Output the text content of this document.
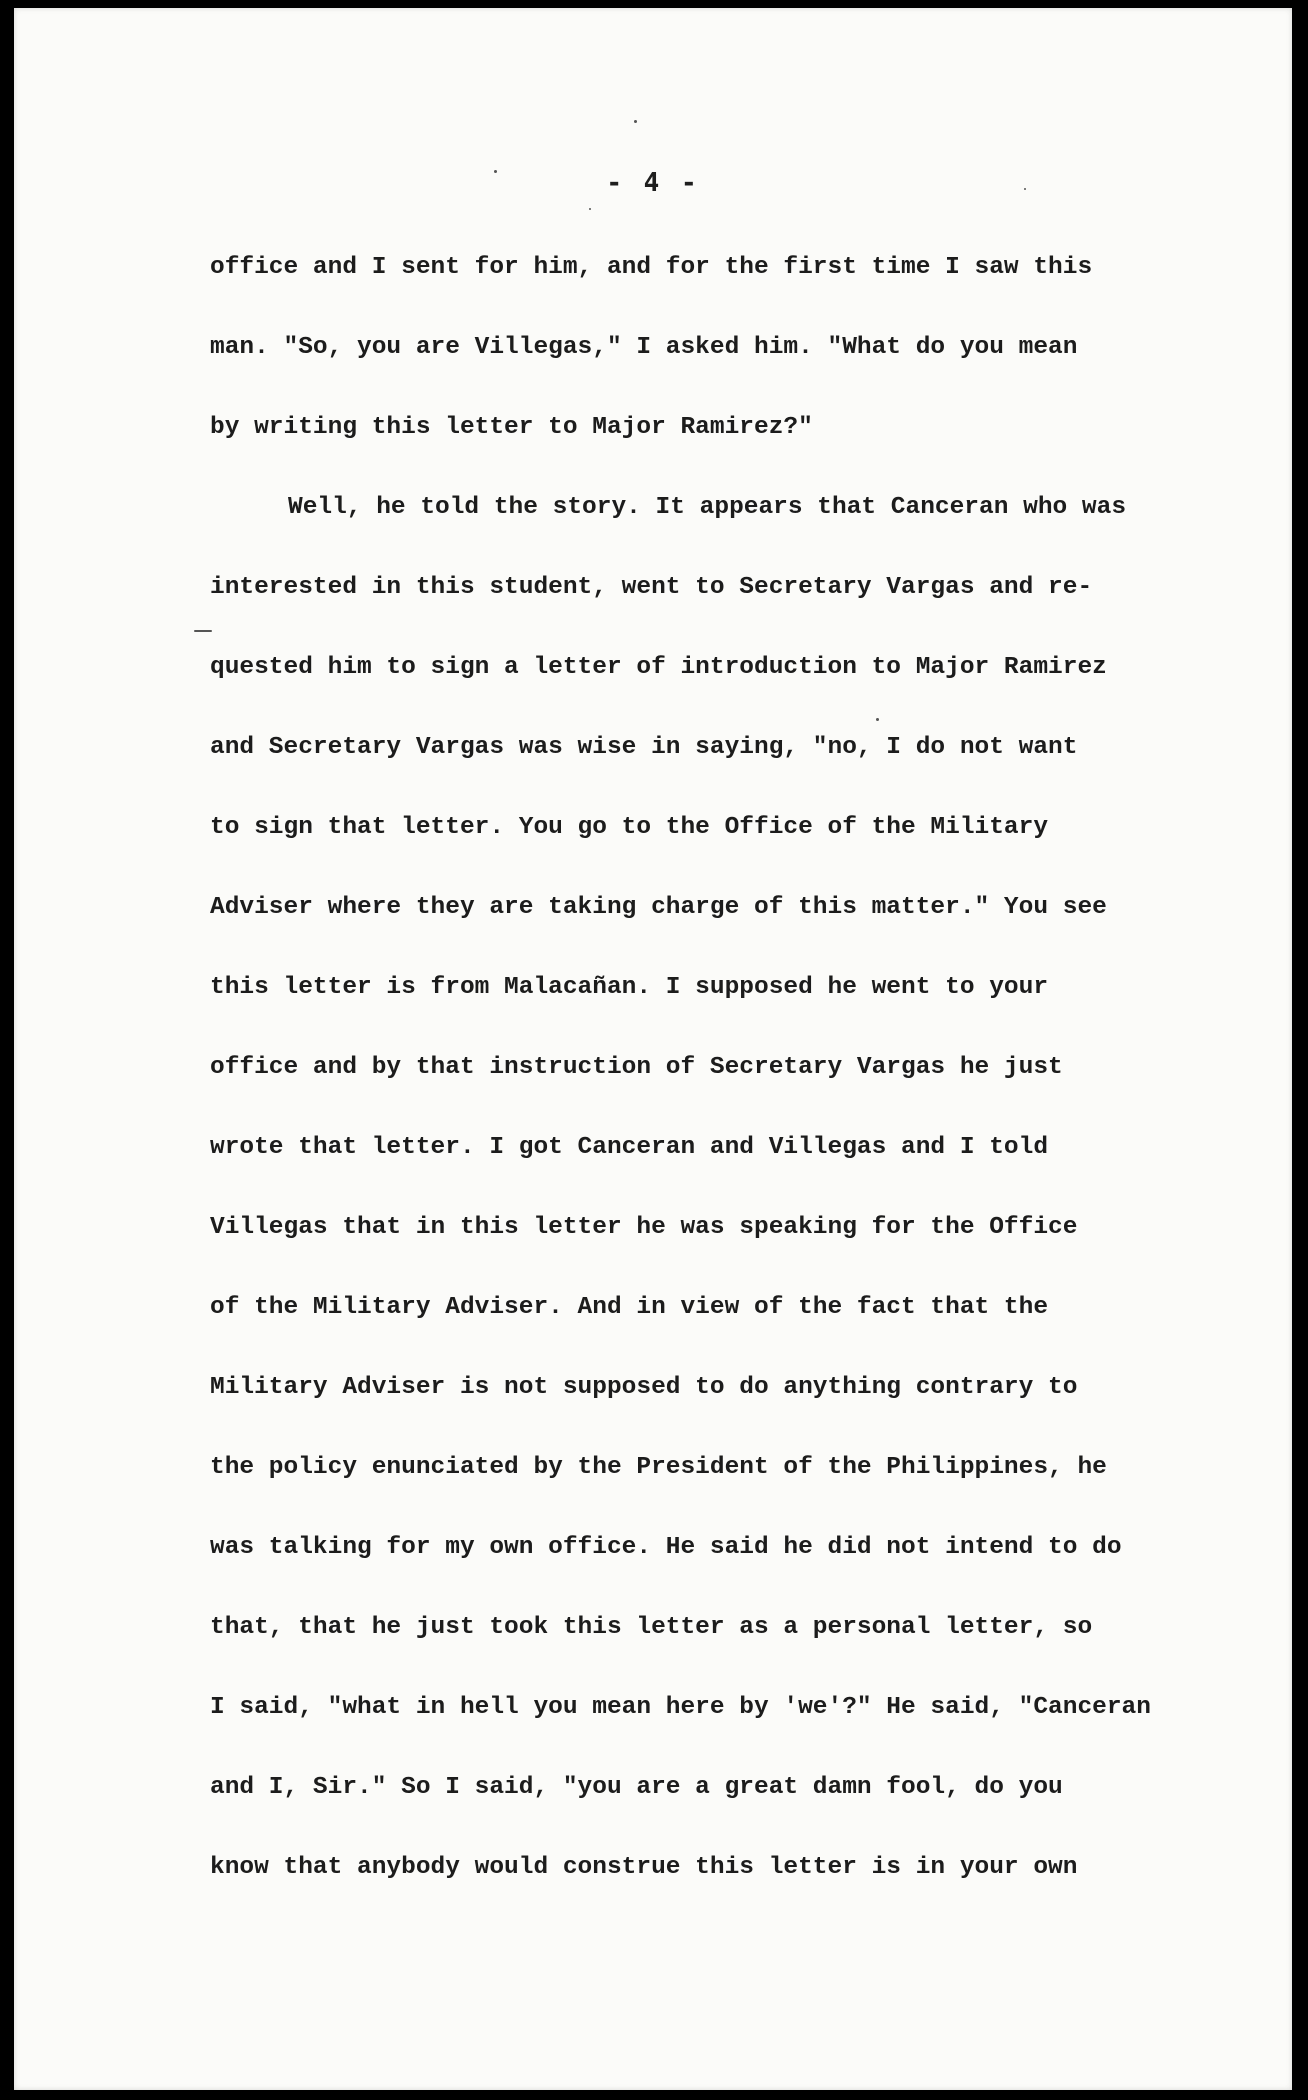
- 4 -
office and I sent for him, and for the first time I saw this
man. "So, you are Villegas," I asked him. "What do you mean
by writing this letter to Major Ramirez?"
Well, he told the story. It appears that Canceran who was
interested in this student, went to Secretary Vargas and re-
quested him to sign a letter of introduction to Major Ramirez
and Secretary Vargas was wise in saying, "no, I do not want
to sign that letter. You go to the Office of the Military
Adviser where they are taking charge of this matter." You see
this letter is from Malacañan. I supposed he went to your
office and by that instruction of Secretary Vargas he just
wrote that letter. I got Canceran and Villegas and I told
Villegas that in this letter he was speaking for the Office
of the Military Adviser. And in view of the fact that the
Military Adviser is not supposed to do anything contrary to
the policy enunciated by the President of the Philippines, he
was talking for my own office. He said he did not intend to do
that, that he just took this letter as a personal letter, so
I said, "what in hell you mean here by 'we'?" He said, "Canceran
and I, Sir." So I said, "you are a great damn fool, do you
know that anybody would construe this letter is in your own
